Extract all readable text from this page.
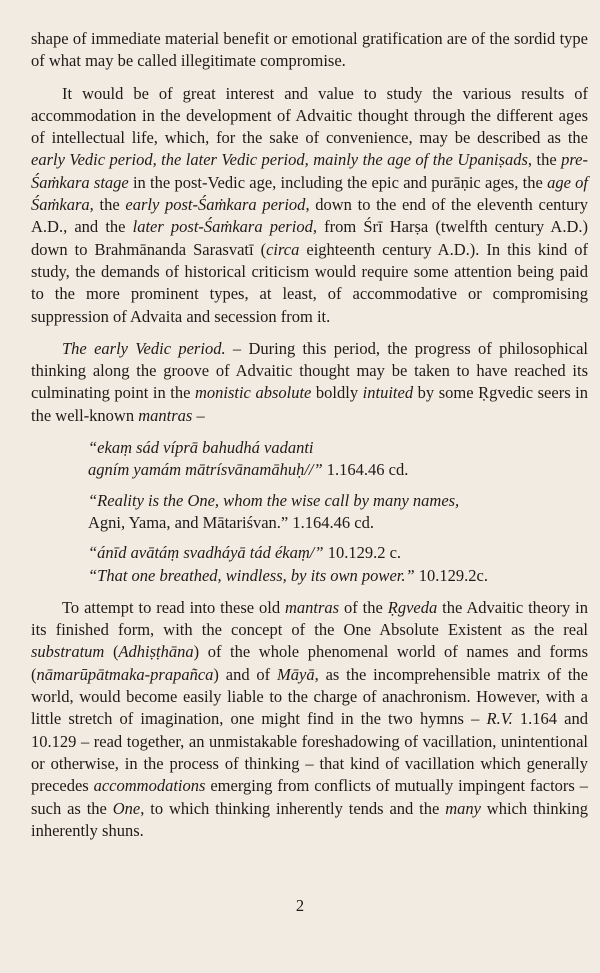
shape of immediate material benefit or emotional gratification are of the sordid type of what may be called illegitimate compromise.

It would be of great interest and value to study the various results of accommodation in the development of Advaitic thought through the different ages of intellectual life, which, for the sake of convenience, may be described as the early Vedic period, the later Vedic period, mainly the age of the Upaniṣads, the pre-Śaṁkara stage in the post-Vedic age, including the epic and purāṇic ages, the age of Śaṁkara, the early post-Śaṁkara period, down to the end of the eleventh century A.D., and the later post-Śaṁkara period, from Śrī Harṣa (twelfth century A.D.) down to Brahmānanda Sarasvatī (circa eighteenth century A.D.). In this kind of study, the demands of historical criticism would require some attention being paid to the more prominent types, at least, of accommodative or compromising suppression of Advaita and secession from it.

The early Vedic period. – During this period, the progress of philosophical thinking along the groove of Advaitic thought may be taken to have reached its culminating point in the monistic absolute boldly intuited by some Ṛgvedic seers in the well-known mantras –

“ekaṃ sád víprā bahudhá vadanti
agním yamám mātrísvānamāhuḥ//” 1.164.46 cd.

“Reality is the One, whom the wise call by many names,
Agni, Yama, and Mātariśvan.” 1.164.46 cd.

“ánīd avātáṃ svadháyā tád ékaṃ/” 10.129.2 c.
“That one breathed, windless, by its own power.” 10.129.2c.

To attempt to read into these old mantras of the Ṛgveda the Advaitic theory in its finished form, with the concept of the One Absolute Existent as the real substratum (Adhiṣṭhāna) of the whole phenomenal world of names and forms (nāmarūpātmaka-prapañca) and of Māyā, as the incomprehensible matrix of the world, would become easily liable to the charge of anachronism. However, with a little stretch of imagination, one might find in the two hymns – R.V. 1.164 and 10.129 – read together, an unmistakable foreshadowing of vacillation, unintentional or otherwise, in the process of thinking – that kind of vacillation which generally precedes accommodations emerging from conflicts of mutually impingent factors – such as the One, to which thinking inherently tends and the many which thinking inherently shuns.

2
